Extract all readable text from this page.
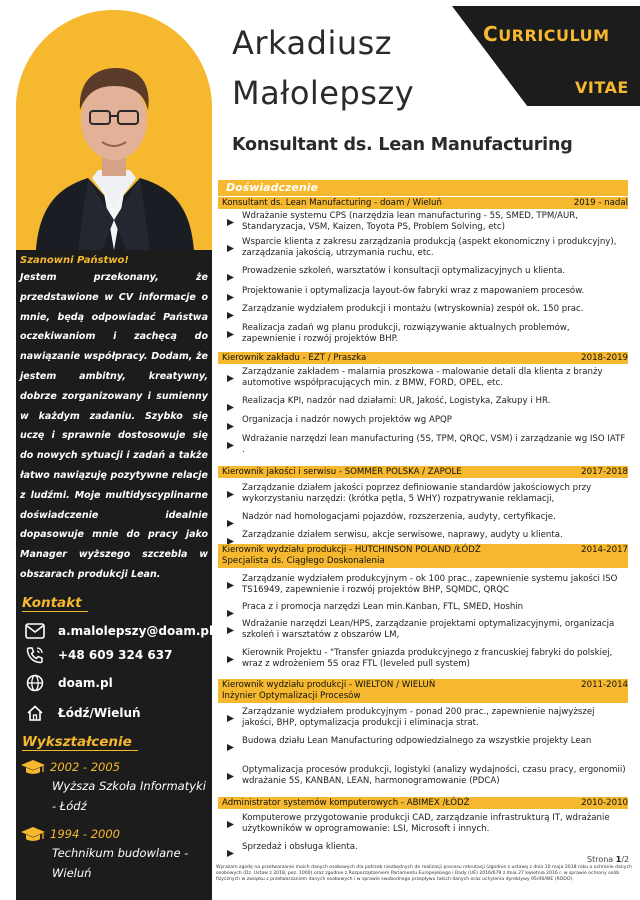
Szanowni Państwo!
Jestem przekonany, że przedstawione w CV informacje o mnie, będą odpowiadać Państwa oczekiwaniom i zachęcą do nawiązanie współpracy. Dodam, że jestem ambitny, kreatywny, dobrze zorganizowany i sumienny w każdym zadaniu. Szybko się uczę i sprawnie dostosowuje się do nowych sytuacji i zadań a także łatwo nawiązuję pozytywne relacje z ludźmi. Moje multidyscyplinarne doświadczenie idealnie dopasowuje mnie do pracy jako Manager wyższego szczebla w obszarach produkcji Lean.
Kontakt
a.malolepszy@doam.pl
+48 609 324 637
doam.pl
Łódź/Wieluń
Wykształcenie
2002 - 2005
Wyższa Szkoła Informatyki - Łódź
1994 - 2000
Technikum budowlane - Wieluń
Arkadiusz
Małolepszy
Konsultant ds. Lean Manufacturing
CURRICULUM
VITAE
Doświadczenie
Konsultant ds. Lean Manufacturing - doam / Wieluń	2019 - nadal
Wdrażanie systemu CPS (narzędzia lean manufacturing - 5S, SMED, TPM/AUR, Standaryzacja, VSM, Kaizen, Toyota PS, Problem Solving, etc)
Wsparcie klienta z zakresu zarządzania produkcją (aspekt ekonomiczny i produkcyjny), zarządzania jakością, utrzymania ruchu, etc.
Prowadzenie szkoleń, warsztatów i konsultacji optymalizacyjnych u klienta.
Projektowanie i optymalizacja layout-ów fabryki wraz z mapowaniem procesów.
Zarządzanie wydziałem produkcji i montażu (wtryskownia) zespół ok. 150 prac.
Realizacja zadań wg planu produkcji, rozwiązywanie aktualnych problemów, zapewnienie i rozwój projektów BHP.
Kierownik zakładu - EZT / Praszka	2018-2019
Zarządzanie zakładem - malarnia proszkowa - malowanie detali dla klienta z branży automotive współpracujących min. z BMW, FORD, OPEL, etc.
Realizacja KPI, nadzór nad działami: UR, Jakość, Logistyka, Zakupy i HR.
Organizacja i nadzór nowych projektów wg APQP
Wdrażanie narzędzi lean manufacturing (5S, TPM, QRQC, VSM) i zarządzanie wg ISO IATF .
Kierownik jakości i serwisu - SOMMER POLSKA / ZAPOLE	2017-2018
Zarządzanie działem jakości poprzez definiowanie standardów jakościowych przy wykorzystaniu narzędzi: (krótka pętla, 5 WHY) rozpatrywanie reklamacji,
Nadzór nad homologacjami pojazdów, rozszerzenia, audyty, certyfikacje.
Zarządzanie działem serwisu, akcje serwisowe, naprawy, audyty u klienta.
Kierownik wydziału produkcji - HUTCHINSON POLAND /ŁÓDŹ	2014-2017
Specjalista ds. Ciągłego Doskonalenia
Zarządzanie wydziałem produkcyjnym - ok 100 prac., zapewnienie systemu jakości ISO TS16949, zapewnienie i rozwój projektów BHP, SQMDC, QRQC
Praca z i promocja narzędzi Lean min.Kanban, FTL, SMED, Hoshin
Wdrażanie narzędzi Lean/HPS, zarządzanie projektami optymalizacyjnymi, organizacja szkoleń i warsztatów z obszarów LM,
Kierownik Projektu - "Transfer gniazda produkcyjnego z francuskiej fabryki do polskiej, wraz z wdrożeniem 5S oraz FTL (leveled pull system)
Kierownik wydziału produkcji - WIELTON / WIELUŃ	2011-2014
Inżynier Optymalizacji Procesów
Zarządzanie wydziałem produkcyjnym - ponad 200 prac., zapewnienie najwyższej jakości, BHP, optymalizacja produkcji i eliminacja strat.
Budowa działu Lean Manufacturing odpowiedzialnego za wszystkie projekty Lean
Optymalizacja procesów produkcji, logistyki (analizy wydajności, czasu pracy, ergonomii) wdrażanie 5S, KANBAN, LEAN, harmonogramowanie (PDCA)
Administrator systemów komputerowych - ABIMEX /ŁÓDŹ	2010-2010
Komputerowe przygotowanie produkcji CAD, zarządzanie infrastrukturą IT, wdrażanie użytkowników w oprogramowanie: LSI, Microsoft i innych.
Sprzedaż i obsługa klienta.
Strona 1/2
Wyrażam zgodę na przetwarzanie moich danych osobowych dla potrzeb niezbędnych do realizacji procesu rekrutacji (zgodnie z ustawą z dnia 10 maja 2018 roku o ochronie danych osobowych (Dz. Ustaw z 2018, poz. 1000) oraz zgodnie z Rozporządzeniem Parlamentu Europejskiego i Rady (UE) 2016/679 z dnia 27 kwietnia 2016 r. w sprawie ochrony osób fizycznych w związku z przetwarzaniem danych osobowych i w sprawie swobodnego przepływu takich danych oraz uchylenia dyrektywy 95/46/WE (RODO).
